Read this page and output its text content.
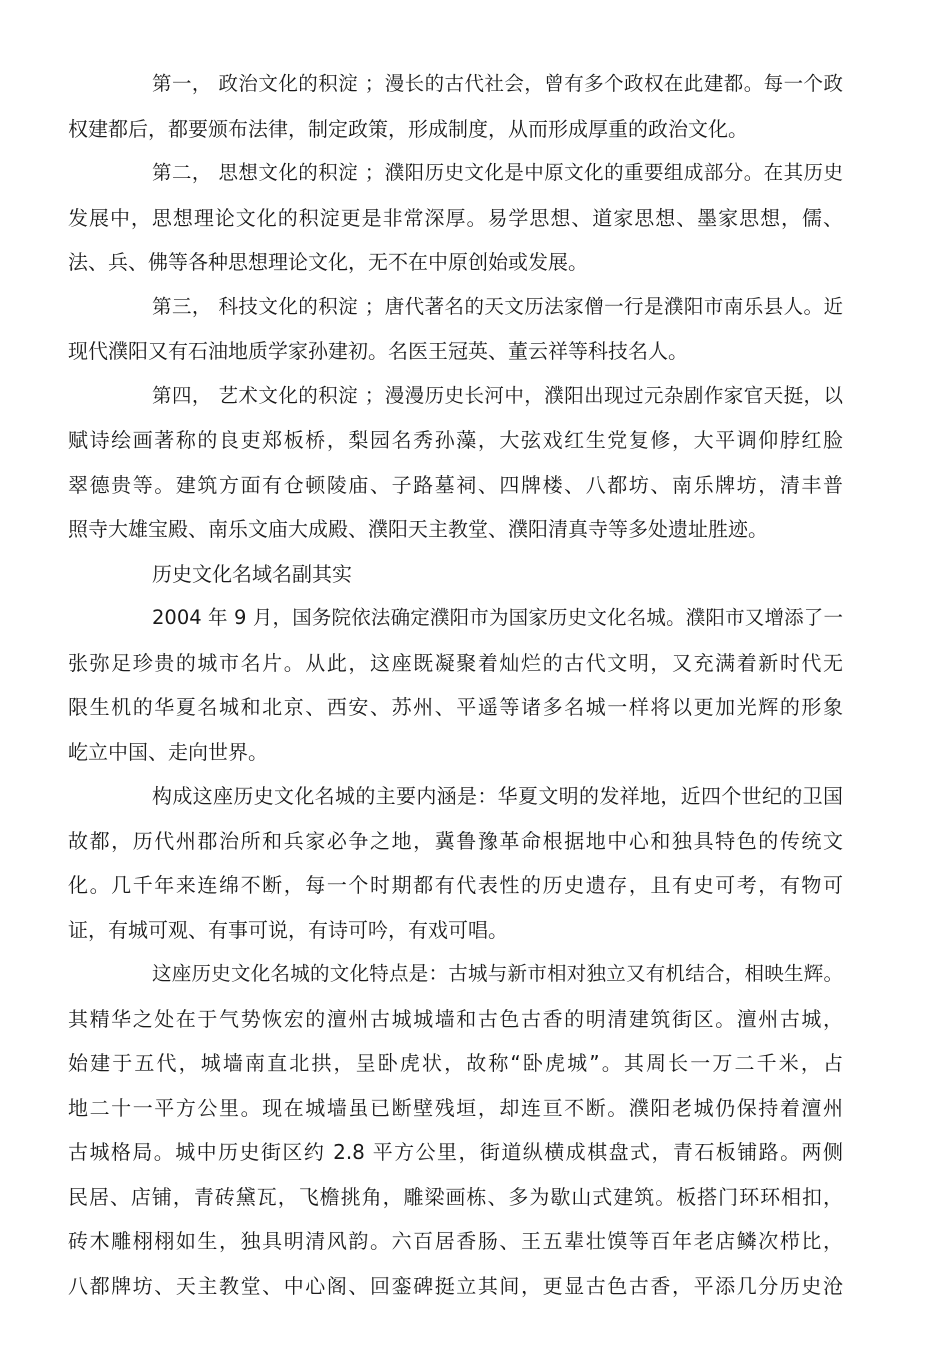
第一， 政治文化的积淀 ；漫长的古代社会，曾有多个政权在此建都。每一个政
权建都后，都要颁布法律，制定政策，形成制度，从而形成厚重的政治文化。
第二， 思想文化的积淀 ；濮阳历史文化是中原文化的重要组成部分。在其历史
发展中，思想理论文化的积淀更是非常深厚。易学思想、道家思想、墨家思想，儒、
法、兵、佛等各种思想理论文化，无不在中原创始或发展。
第三， 科技文化的积淀 ；唐代著名的天文历法家僧一行是濮阳市南乐县人。近
现代濮阳又有石油地质学家孙建初。名医王冠英、董云祥等科技名人。
第四， 艺术文化的积淀 ；漫漫历史长河中，濮阳出现过元杂剧作家官天挺，以
赋诗绘画著称的良吏郑板桥，梨园名秀孙藻，大弦戏红生党复修，大平调仰脖红脸
翠德贵等。建筑方面有仓顿陵庙、子路墓祠、四牌楼、八都坊、南乐牌坊，清丰普
照寺大雄宝殿、南乐文庙大成殿、濮阳天主教堂、濮阳清真寺等多处遗址胜迹。
历史文化名域名副其实
2004 年 9 月，国务院依法确定濮阳市为国家历史文化名城。濮阳市又增添了一
张弥足珍贵的城市名片。从此，这座既凝聚着灿烂的古代文明，又充满着新时代无
限生机的华夏名城和北京、西安、苏州、平遥等诸多名城一样将以更加光辉的形象
屹立中国、走向世界。
构成这座历史文化名城的主要内涵是：华夏文明的发祥地，近四个世纪的卫国
故都，历代州郡治所和兵家必争之地，冀鲁豫革命根据地中心和独具特色的传统文
化。几千年来连绵不断，每一个时期都有代表性的历史遗存，且有史可考，有物可
证，有城可观、有事可说，有诗可吟，有戏可唱。
这座历史文化名城的文化特点是：古城与新市相对独立又有机结合，相映生辉。
其精华之处在于气势恢宏的澶州古城城墙和古色古香的明清建筑街区。澶州古城，
始建于五代，城墙南直北拱，呈卧虎状，故称“卧虎城”。其周长一万二千米，占
地二十一平方公里。现在城墙虽已断壁残垣，却连亘不断。濮阳老城仍保持着澶州
古城格局。城中历史街区约 2.8 平方公里，街道纵横成棋盘式，青石板铺路。两侧
民居、店铺，青砖黛瓦，飞檐挑角，雕梁画栋、多为歇山式建筑。板搭门环环相扣，
砖木雕栩栩如生，独具明清风韵。六百居香肠、王五辈壮馍等百年老店鳞次栉比，
八都牌坊、天主教堂、中心阁、回銮碑挺立其间，更显古色古香，平添几分历史沧
